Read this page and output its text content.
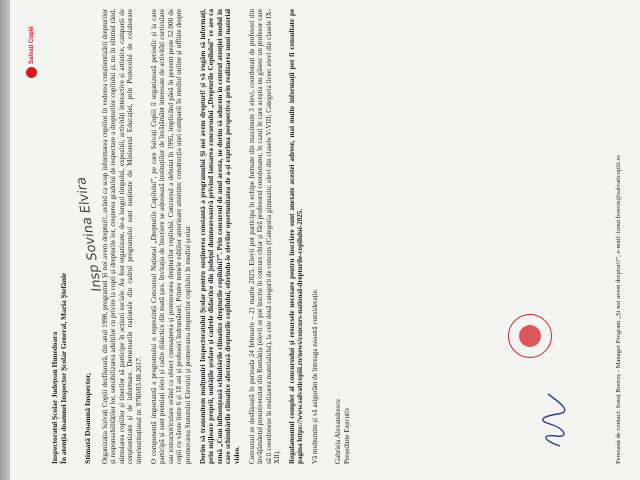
Salvați Copiii
Insp Sovina Elvira
Inspectoratul Școlar Județean Hunedoara În atenția doamnei Inspector Școlar General, Maria Ștefănie Stimată Doamnă Inspector, Organizația Salvați Copiii dezfășoară, din anul 1990, programul Și noi avem drepturi!, având ca scop informarea copiilor în vederea conștientizării drepturilor și responsabilităților lor, sensibilizarea adulților cu privire la copii și drepturile lor, creșterea gradului de respectare a drepturilor copilului și, nu în ultimul rând, stimularea copiilor și tinerilor să participe în acțiuni sociale. Au fost organizate, de-a lungul timpului, expoziții, activități interactive și artistice, campanii de conștientizare și de informare. Demersurile naționale din cadrul programului sunt susținute de Ministerul Educației, prin Protocolul de colaborare interinstituțional nr. 9780/03.08.2017. O componentă importantă a programului o reprezintă Concursul Național „Drepturile Copilului”, pe care Salvați Copiii îl organizează periodic și la care participă și sunt premiați elevi și cadre didactice din toată țara. Invitația de înscriere se adresează instituțiilor de învățământ interesate de activități curriculare sau extracurriculare având ca obiect cunoașterea și promovarea drepturilor copilului. Concursul a debutat în 1995, implicând până în prezent peste 52.000 de copii cu vârste între 6 și 18 ani și profesori îndrumători. Printre temele ediților anterioare amintim: construcția unei campanii în mediul online și offline despre promovarea Statutului Elevului și promovarea drepturilor copilului în mediul școlar. Dorim să transmitem mulțumiri Inspectoratului Școlar pentru susținerea constantă a programului Și noi avem drepturi! și vă rugăm să informați, prin mijloace proprii, unitățile școlare și cadrele didactice din județul dumneavoastră privind lansarea concursului „Drepturile Copilului” ce are ca temă „Cum influențează schimbările climatice drepturile copilului?”. Prin concursul de anul acesta, ne dorim să aducem în centrul atenției modul în care schimbările climatice afectează drepturile copilului, oferindu-le elevilor oportunitatea de a-și exprima perspectiva prin realizarea unui material video. Concursul se desfășoară în perioada 24 februarie – 21 martie 2025. Elevii pot participa în echipe formate din maximum 3 elevi, coordonați de profesori din învățământul preuniversitar din România (elevii se pot înscrie în concurs chiar și fără profesorul coordonator, în cazul în care aceștia nu găsesc un profesor care să îi coordoneze în realizarea materialului), la cele două categorii de concurs (Categoria gimnaziu: elevi din clasele V-VIII; Categoria licee: elevi din clasele IX-XII). Regulamentul complet al concursului și resursele necesare pentru înscriere sunt anexate acestei adrese, mai multe informații pot fi consultate pe pagina https://www.salvaticopiii.ro/news/concurs-national-drepturile-copilului-2025. Vă mulțumim și vă asigurăm de întreaga noastră considerație. Gabriela Alexandrescu Președinte Executiv	Persoană de contact: Ionuț Boeroș - Manager Program „Și noi avem drepturi!”, e-mail: ionut.boeros@salvaticopiii.ro
